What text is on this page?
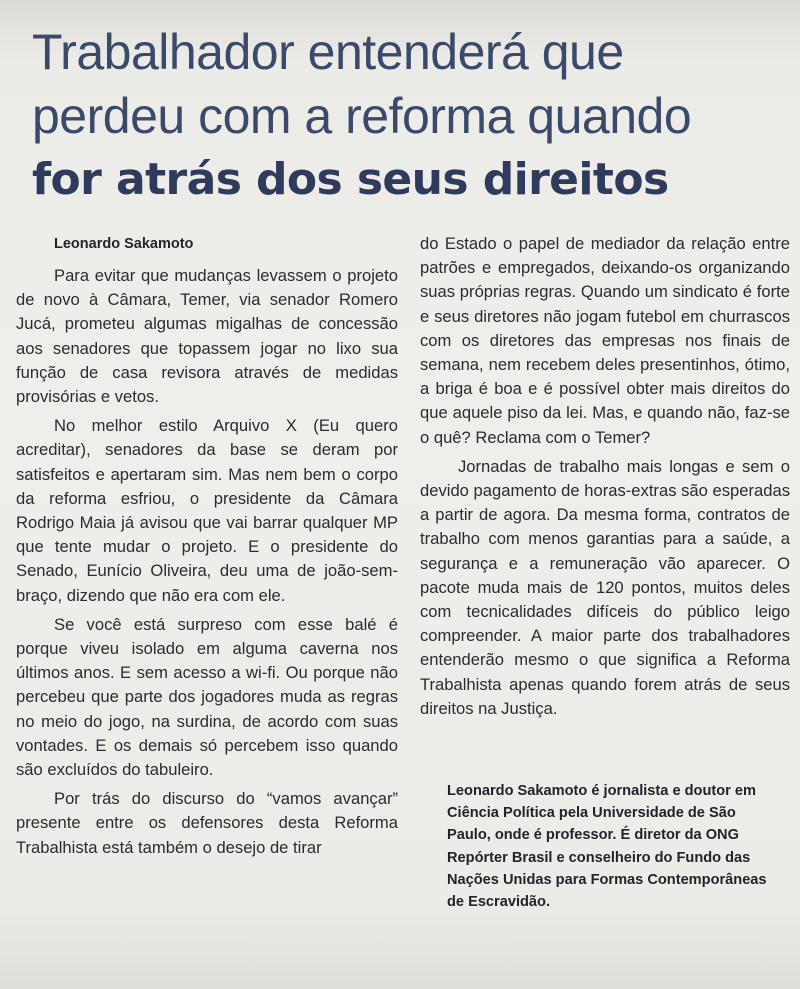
Trabalhador entenderá que
perdeu com a reforma quando
for atrás dos seus direitos
Leonardo Sakamoto

Para evitar que mudanças levassem o projeto de novo à Câmara, Temer, via senador Romero Jucá, prometeu algumas migalhas de concessão aos senadores que topassem jogar no lixo sua função de casa revisora através de medidas provisórias e vetos.

No melhor estilo Arquivo X (Eu quero acreditar), senadores da base se deram por satisfeitos e apertaram sim. Mas nem bem o corpo da reforma esfriou, o presidente da Câmara Rodrigo Maia já avisou que vai barrar qualquer MP que tente mudar o projeto. E o presidente do Senado, Eunício Oliveira, deu uma de joão-sem-braço, dizendo que não era com ele.

Se você está surpreso com esse balé é porque viveu isolado em alguma caverna nos últimos anos. E sem acesso a wi-fi. Ou porque não percebeu que parte dos jogadores muda as regras no meio do jogo, na surdina, de acordo com suas vontades. E os demais só percebem isso quando são excluídos do tabuleiro.

Por trás do discurso do “vamos avançar” presente entre os defensores desta Reforma Trabalhista está também o desejo de tirar

do Estado o papel de mediador da relação entre patrões e empregados, deixando-os organizando suas próprias regras. Quando um sindicato é forte e seus diretores não jogam futebol em churrascos com os diretores das empresas nos finais de semana, nem recebem deles presentinhos, ótimo, a briga é boa e é possível obter mais direitos do que aquele piso da lei. Mas, e quando não, faz-se o quê? Reclama com o Temer?

Jornadas de trabalho mais longas e sem o devido pagamento de horas-extras são esperadas a partir de agora. Da mesma forma, contratos de trabalho com menos garantias para a saúde, a segurança e a remuneração vão aparecer. O pacote muda mais de 120 pontos, muitos deles com tecnicalidades difíceis do público leigo compreender. A maior parte dos trabalhadores entenderão mesmo o que significa a Reforma Trabalhista apenas quando forem atrás de seus direitos na Justiça.

Leonardo Sakamoto é jornalista e doutor em Ciência Política pela Universidade de São Paulo, onde é professor. É diretor da ONG Repórter Brasil e conselheiro do Fundo das Nações Unidas para Formas Contemporâneas de Escravidão.
